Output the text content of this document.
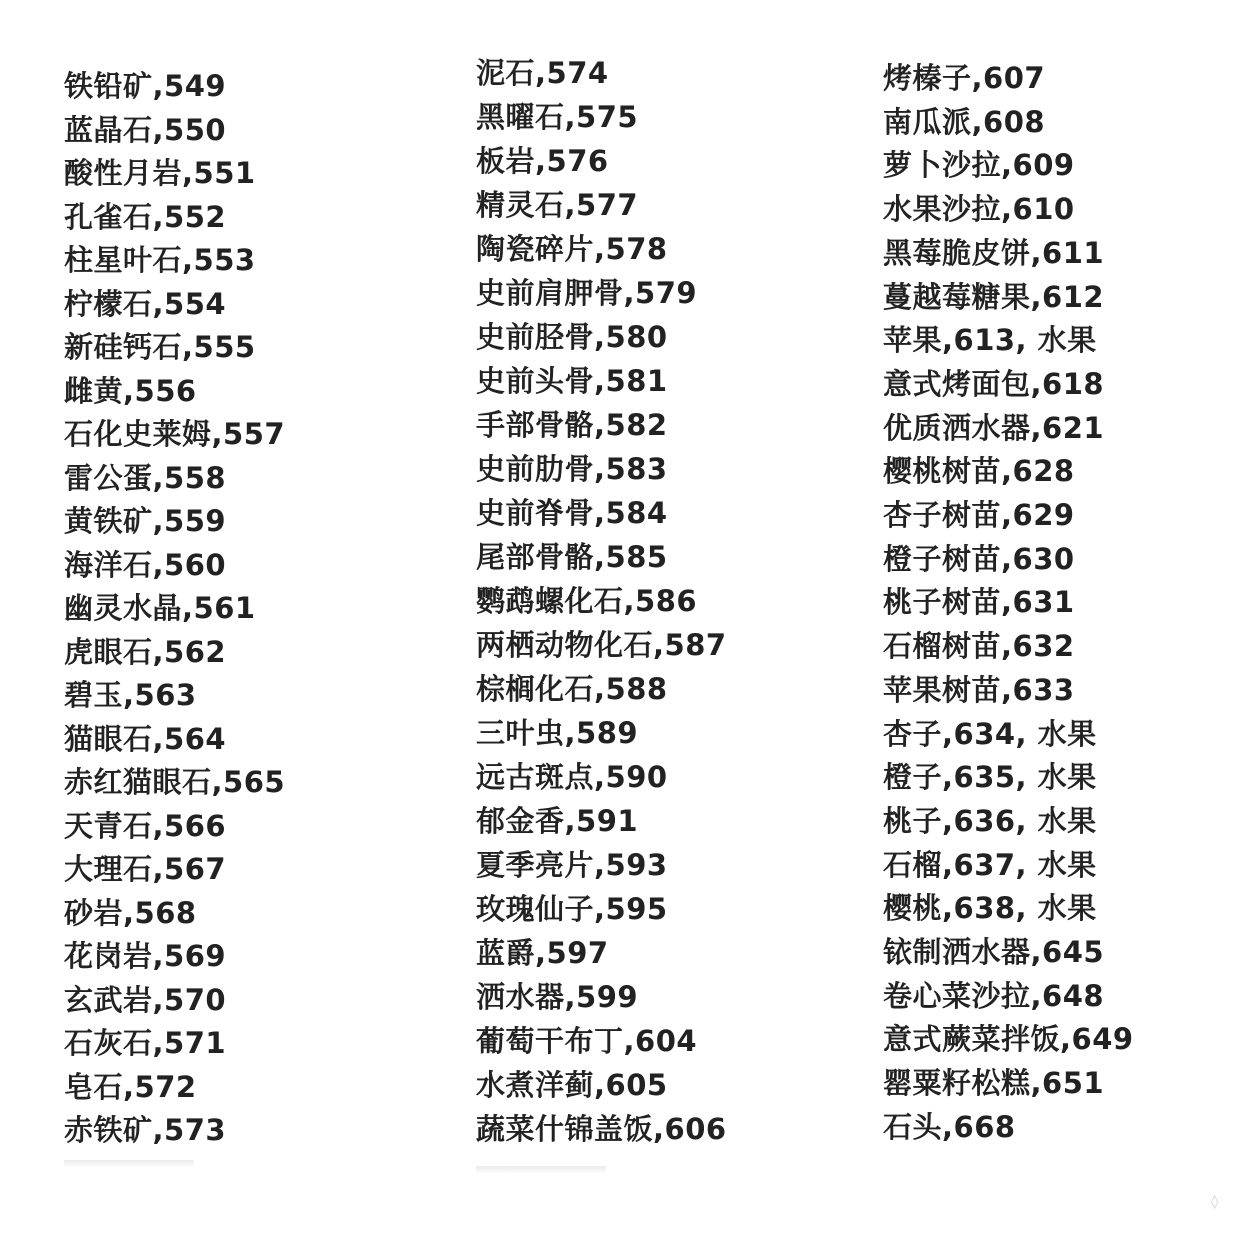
铁铅矿,549
蓝晶石,550
酸性月岩,551
孔雀石,552
柱星叶石,553
柠檬石,554
新硅钙石,555
雌黄,556
石化史莱姆,557
雷公蛋,558
黄铁矿,559
海洋石,560
幽灵水晶,561
虎眼石,562
碧玉,563
猫眼石,564
赤红猫眼石,565
天青石,566
大理石,567
砂岩,568
花岗岩,569
玄武岩,570
石灰石,571
皂石,572
赤铁矿,573
泥石,574
黑曜石,575
板岩,576
精灵石,577
陶瓷碎片,578
史前肩胛骨,579
史前胫骨,580
史前头骨,581
手部骨骼,582
史前肋骨,583
史前脊骨,584
尾部骨骼,585
鹦鹉螺化石,586
两栖动物化石,587
棕榈化石,588
三叶虫,589
远古斑点,590
郁金香,591
夏季亮片,593
玫瑰仙子,595
蓝爵,597
洒水器,599
葡萄干布丁,604
水煮洋蓟,605
蔬菜什锦盖饭,606
烤榛子,607
南瓜派,608
萝卜沙拉,609
水果沙拉,610
黑莓脆皮饼,611
蔓越莓糖果,612
苹果,613, 水果
意式烤面包,618
优质洒水器,621
樱桃树苗,628
杏子树苗,629
橙子树苗,630
桃子树苗,631
石榴树苗,632
苹果树苗,633
杏子,634, 水果
橙子,635, 水果
桃子,636, 水果
石榴,637, 水果
樱桃,638, 水果
铱制洒水器,645
卷心菜沙拉,648
意式蕨菜拌饭,649
罂粟籽松糕,651
石头,668
◊
